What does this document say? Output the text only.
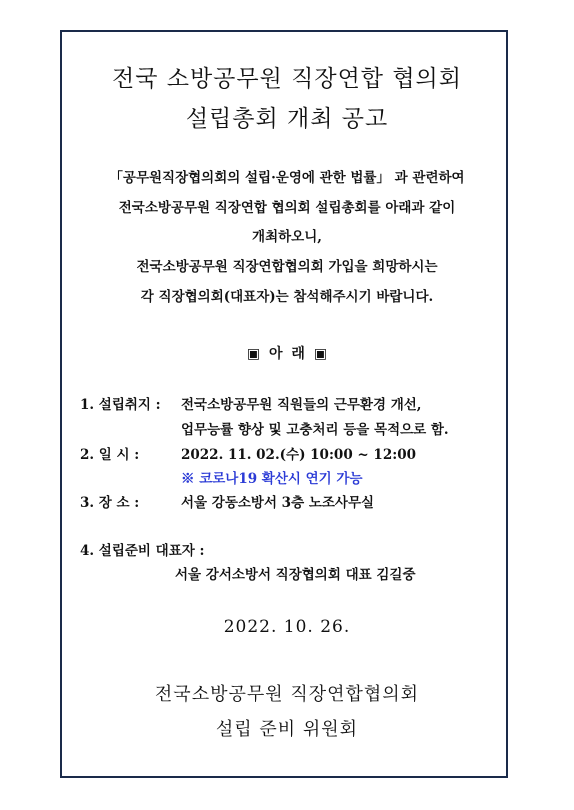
전국 소방공무원 직장연합 협의회
설립총회 개최 공고
「공무원직장협의회의 설립·운영에 관한 법률」 과 관련하여
전국소방공무원 직장연합 협의회 설립총회를 아래과 같이
개최하오니,
전국소방공무원 직장연합협의회 가입을 희망하시는
각 직장협의회(대표자)는 참석해주시기 바랍니다.
▣ 아 래 ▣
1. 설립취지 : 전국소방공무원 직원들의 근무환경 개선,
업무능률 향상 및 고충처리 등을 목적으로 함.
2. 일 시 :	2022. 11. 02.(수) 10:00 ~ 12:00
※ 코로나19 확산시 연기 가능
3. 장 소 :	서울 강동소방서 3층 노조사무실
4. 설립준비 대표자 :
서울 강서소방서 직장협의회 대표 김길중
2022. 10. 26.
전국소방공무원 직장연합협의회
설립 준비 위원회
